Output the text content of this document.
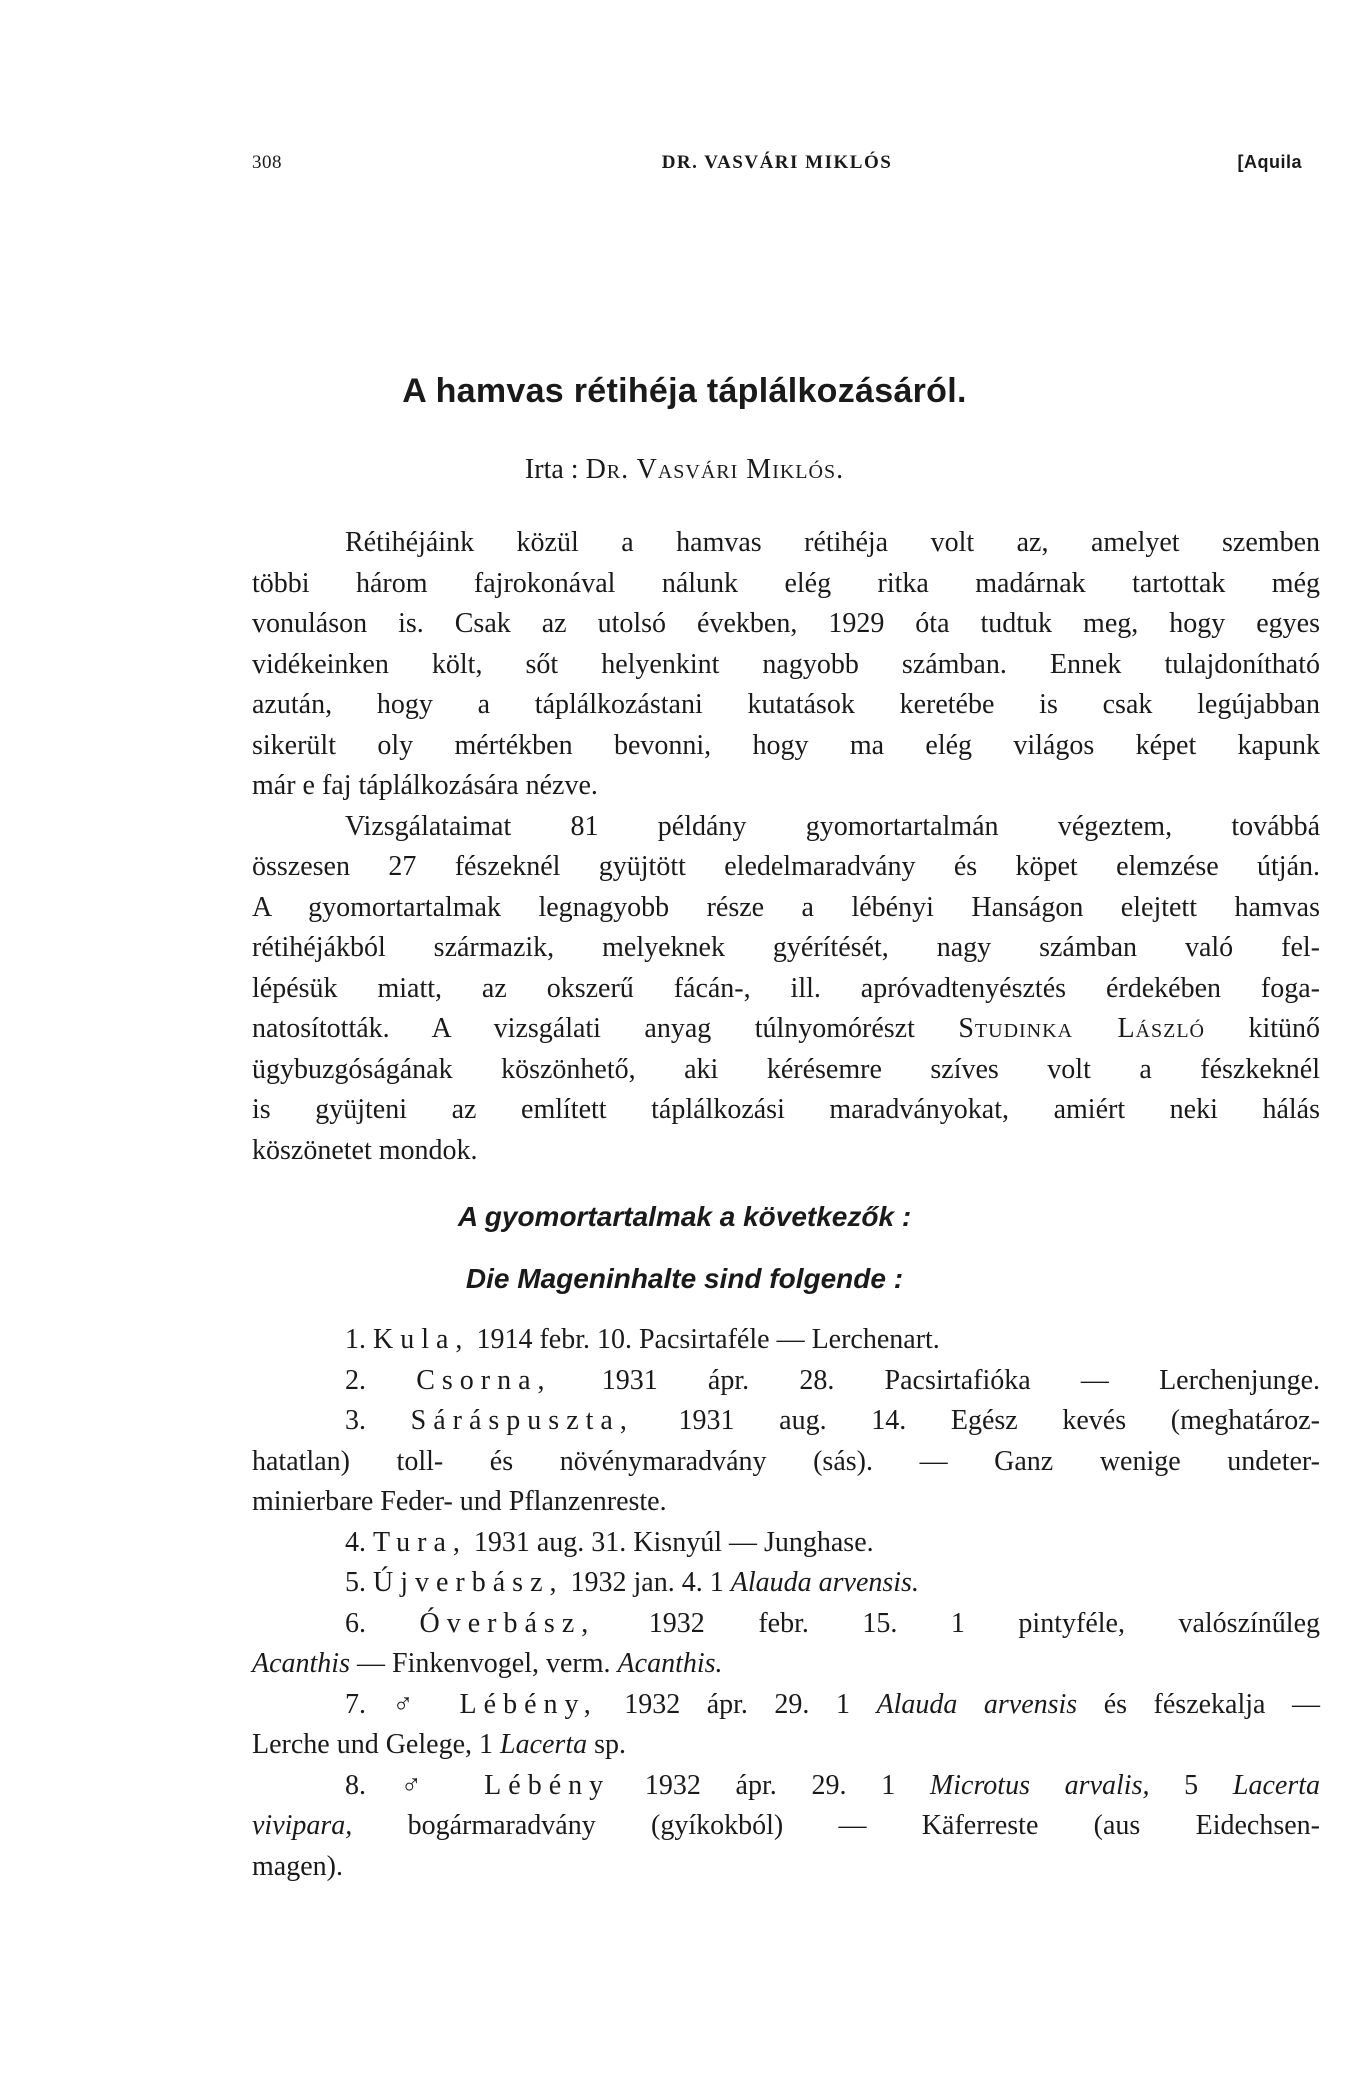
308	DR. VASVÁRI MIKLÓS	[Aquila
A hamvas rétihéja táplálkozásáról.
Irta : Dr. Vasvári Miklós.
Rétihéjáink közül a hamvas rétihéja volt az, amelyet szemben
többi három fajrokonával nálunk elég ritka madárnak tartottak még
vonuláson is. Csak az utolsó években, 1929 óta tudtuk meg, hogy egyes
vidékeinken költ, sőt helyenkint nagyobb számban. Ennek tulajdonítható
azután, hogy a táplálkozástani kutatások keretébe is csak legújabban
sikerült oly mértékben bevonni, hogy ma elég világos képet kapunk
már e faj táplálkozására nézve.
Vizsgálataimat 81 példány gyomortartalmán végeztem, továbbá
összesen 27 fészeknél gyüjtött eledelmaradvány és köpet elemzése útján.
A gyomortartalmak legnagyobb része a lébényi Hanságon elejtett hamvas
rétihéjákból származik, melyeknek gyérítését, nagy számban való fel-
lépésük miatt, az okszerű fácán-, ill. apróvadtenyésztés érdekében foga-
natosították. A vizsgálati anyag túlnyomórészt Studinka László kitünő
ügybuzgóságának köszönhető, aki kérésemre szíves volt a fészkeknél
is gyüjteni az említett táplálkozási maradványokat, amiért neki hálás
köszönetet mondok.
A gyomortartalmak a következők :
Die Mageninhalte sind folgende :
1. Kula, 1914 febr. 10. Pacsirtaféle — Lerchenart.
2. Csorna, 1931 ápr. 28. Pacsirtafióka — Lerchenjunge.
3. Sáráspuszta, 1931 aug. 14. Egész kevés (meghatároz-
hatatlan) toll- és növénymaradvány (sás). — Ganz wenige undeter-
minierbare Feder- und Pflanzenreste.
4. Tura, 1931 aug. 31. Kisnyúl — Junghase.
5. Újverbász, 1932 jan. 4. 1 Alauda arvensis.
6. Óverbász, 1932 febr. 15. 1 pintyféle, valószínűleg
Acanthis — Finkenvogel, verm. Acanthis.
7. ♂ Lébény, 1932 ápr. 29. 1 Alauda arvensis és fészekalja —
Lerche und Gelege, 1 Lacerta sp.
8. ♂ Lébény 1932 ápr. 29. 1 Microtus arvalis, 5 Lacerta
vivipara, bogármaradvány (gyíkokból) — Käferreste (aus Eidechsen-
magen).
